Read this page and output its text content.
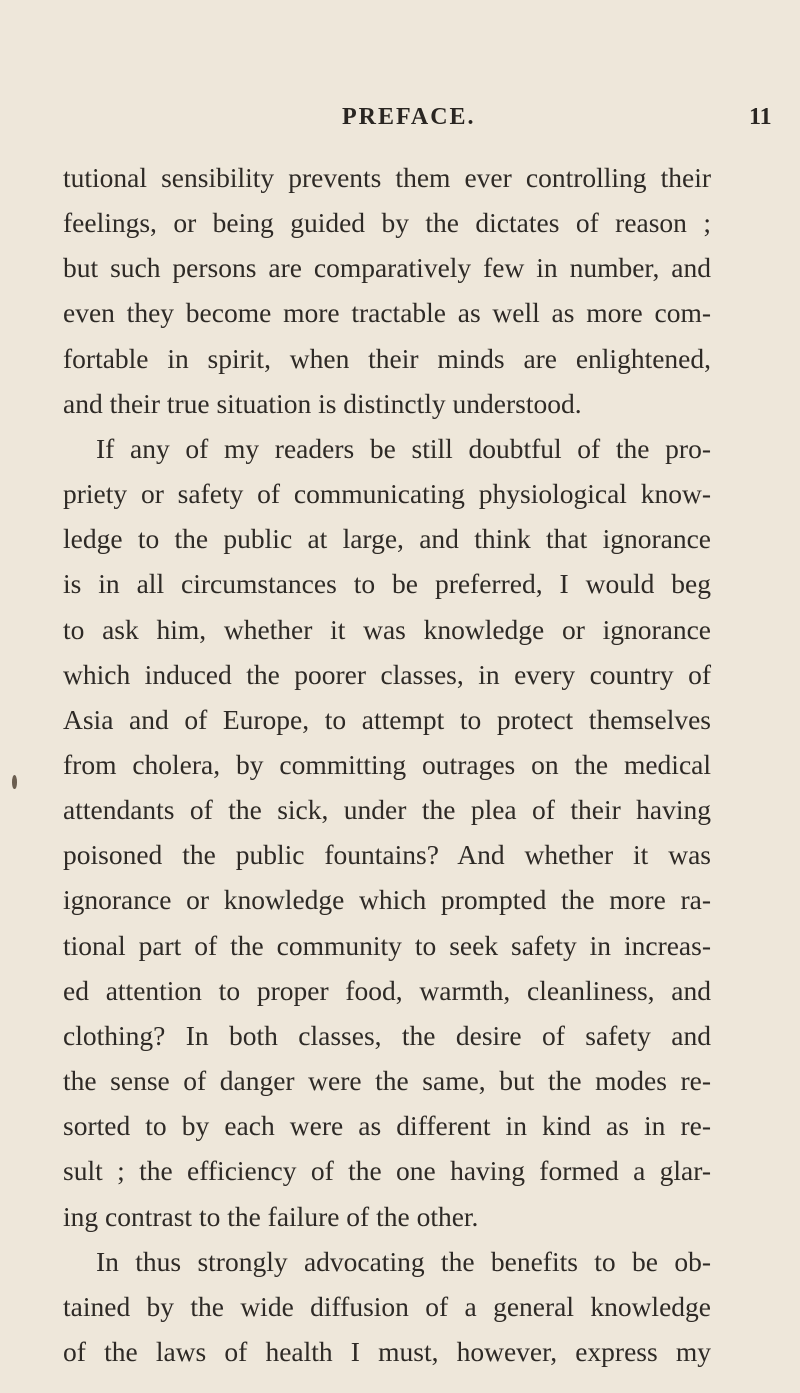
PREFACE.	11
tutional sensibility prevents them ever controlling their
feelings, or being guided by the dictates of reason ;
but such persons are comparatively few in number, and
even they become more tractable as well as more com-
fortable in spirit, when their minds are enlightened,
and their true situation is distinctly understood.
If any of my readers be still doubtful of the pro-
priety or safety of communicating physiological know-
ledge to the public at large, and think that ignorance
is in all circumstances to be preferred, I would beg
to ask him, whether it was knowledge or ignorance
which induced the poorer classes, in every country of
Asia and of Europe, to attempt to protect themselves
from cholera, by committing outrages on the medical
attendants of the sick, under the plea of their having
poisoned the public fountains? And whether it was
ignorance or knowledge which prompted the more ra-
tional part of the community to seek safety in increas-
ed attention to proper food, warmth, cleanliness, and
clothing? In both classes, the desire of safety and
the sense of danger were the same, but the modes re-
sorted to by each were as different in kind as in re-
sult ; the efficiency of the one having formed a glar-
ing contrast to the failure of the other.
In thus strongly advocating the benefits to be ob-
tained by the wide diffusion of a general knowledge
of the laws of health I must, however, express my
